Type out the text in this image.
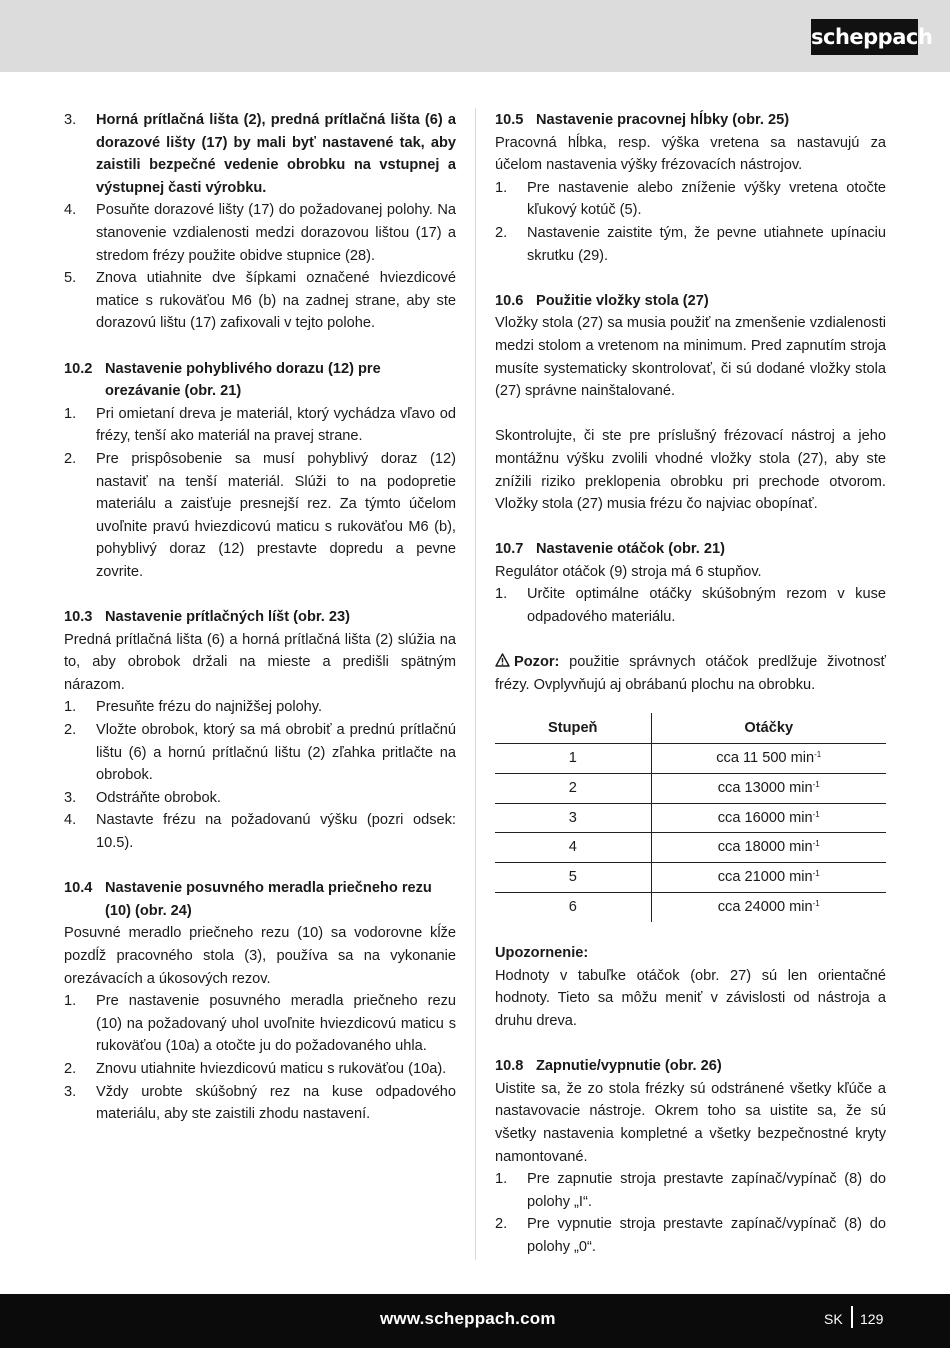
scheppach
3.	Horná prítlačná lišta (2), predná prítlačná lišta (6) a dorazové lišty (17) by mali byť nastavené tak, aby zaistili bezpečné vedenie obrobku na vstupnej a výstupnej časti výrobku.
4.	Posuňte dorazové lišty (17) do požadovanej polohy. Na stanovenie vzdialenosti medzi dorazovou lištou (17) a stredom frézy použite obidve stupnice (28).
5.	Znova utiahnite dve šípkami označené hviezdicové matice s rukoväťou M6 (b) na zadnej strane, aby ste dorazovú lištu (17) zafixovali v tejto polohe.
10.2 Nastavenie pohyblivého dorazu (12) pre orezávanie (obr. 21)
1.	Pri omietaní dreva je materiál, ktorý vychádza vľavo od frézy, tenší ako materiál na pravej strane.
2.	Pre prispôsobenie sa musí pohyblivý doraz (12) nastaviť na tenší materiál. Slúži to na podopretie materiálu a zaisťuje presnejší rez. Za týmto účelom uvoľnite pravú hviezdicovú maticu s rukoväťou M6 (b), pohyblivý doraz (12) prestavte dopredu a pevne zovrite.
10.3 Nastavenie prítlačných líšt (obr. 23)

Predná prítlačná lišta (6) a horná prítlačná lišta (2) slúžia na to, aby obrobok držali na mieste a predišli spätným nárazom.

1.	Presuňte frézu do najnižšej polohy.
2.	Vložte obrobok, ktorý sa má obrobiť a prednú prítlačnú lištu (6) a hornú prítlačnú lištu (2) zľahka pritlačte na obrobok.
3.	Odstráňte obrobok.
4.	Nastavte frézu na požadovanú výšku (pozri odsek: 10.5).
10.4 Nastavenie posuvného meradla priečneho rezu (10) (obr. 24)

Posuvné meradlo priečneho rezu (10) sa vodorovne kĺže pozdĺž pracovného stola (3), používa sa na vykonanie orezávacích a úkosových rezov.

1.	Pre nastavenie posuvného meradla priečneho rezu (10) na požadovaný uhol uvoľnite hviezdicovú maticu s rukoväťou (10a) a otočte ju do požadovaného uhla.
2.	Znovu utiahnite hviezdicovú maticu s rukoväťou (10a).
3.	Vždy urobte skúšobný rez na kuse odpadového materiálu, aby ste zaistili zhodu nastavení.
10.5 Nastavenie pracovnej hĺbky (obr. 25)

Pracovná hĺbka, resp. výška vretena sa nastavujú za účelom nastavenia výšky frézovacích nástrojov.

1.	Pre nastavenie alebo zníženie výšky vretena otočte kľukový kotúč (5).
2.	Nastavenie zaistite tým, že pevne utiahnete upínaciu skrutku (29).
10.6 Použitie vložky stola (27)

Vložky stola (27) sa musia použiť na zmenšenie vzdialenosti medzi stolom a vretenom na minimum. Pred zapnutím stroja musíte systematicky skontrolovať, či sú dodané vložky stola (27) správne nainštalované.

Skontrolujte, či ste pre príslušný frézovací nástroj a jeho montážnu výšku zvolili vhodné vložky stola (27), aby ste znížili riziko preklopenia obrobku pri prechode otvorom. Vložky stola (27) musia frézu čo najviac obopínať.

10.7 Nastavenie otáčok (obr. 21)

Regulátor otáčok (9) stroja má 6 stupňov.

1.	Určite optimálne otáčky skúšobným rezom v kuse odpadového materiálu.

Pozor: použitie správnych otáčok predlžuje životnosť frézy. Ovplyvňujú aj obrábanú plochu na obrobku.

Stupeň	Otáčky
1	cca 11 500 $\min^{-1}$
2	cca 13000 $\min^{-1}$
3	cca 16000 $\min^{-1}$
4	cca 18000 $\min^{-1}$
5	cca 21000 $\min^{-1}$
6	cca 24000 $\min^{-1}$

Upozornenie:

Hodnoty v tabuľke otáčok (obr. 27) sú len orientačné hodnoty. Tieto sa môžu meniť v závislosti od nástroja a druhu dreva.

10.8 Zapnutie/vypnutie (obr. 26)

Uistite sa, že zo stola frézky sú odstránené všetky kľúče a nastavovacie nástroje. Okrem toho sa uistite sa, že sú všetky nastavenia kompletné a všetky bezpečnostné kryty namontované.

1.	Pre zapnutie stroja prestavte zapínač/vypínač (8) do polohy „I“.
2.	Pre vypnutie stroja prestavte zapínač/vypínač (8) do polohy „0“.
www.scheppach.com	SK 129
